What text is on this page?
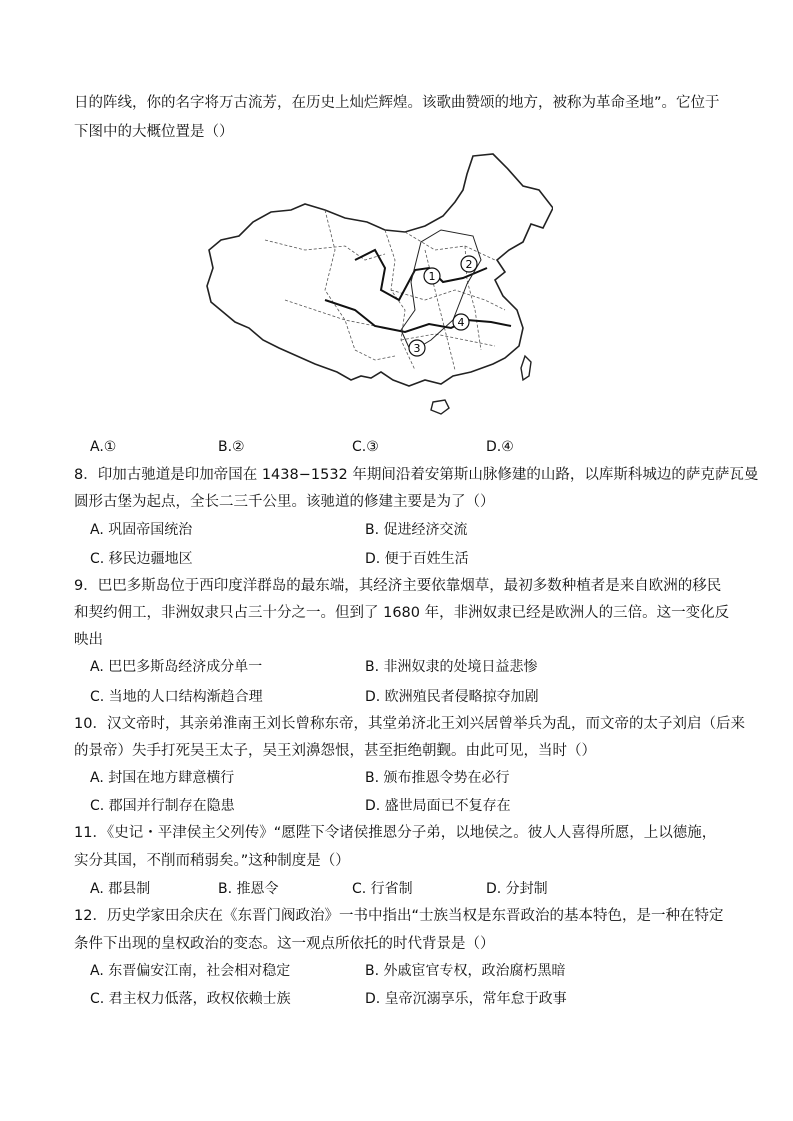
日的阵线，你的名字将万古流芳，在历史上灿烂辉煌。该歌曲赞颂的地方，被称为革命圣地”。它位于
下图中的大概位置是（）
1
2
3
4
A.①	B.②	C.③	D.④
8．印加古驰道是印加帝国在 1438−1532 年期间沿着安第斯山脉修建的山路，以库斯科城边的萨克萨瓦曼
圆形古堡为起点，全长二三千公里。该驰道的修建主要是为了（）
A. 巩固帝国统治	B. 促进经济交流
C. 移民边疆地区	D. 便于百姓生活
9．巴巴多斯岛位于西印度洋群岛的最东端，其经济主要依靠烟草，最初多数种植者是来自欧洲的移民
和契约佣工，非洲奴隶只占三十分之一。但到了 1680 年，非洲奴隶已经是欧洲人的三倍。这一变化反
映出
A. 巴巴多斯岛经济成分单一	B. 非洲奴隶的处境日益悲惨
C. 当地的人口结构渐趋合理	D. 欧洲殖民者侵略掠夺加剧
10．汉文帝时，其亲弟淮南王刘长曾称东帝，其堂弟济北王刘兴居曾举兵为乱，而文帝的太子刘启（后来
的景帝）失手打死吴王太子，吴王刘濞怨恨，甚至拒绝朝觐。由此可见，当时（）
A. 封国在地方肆意横行	B. 颁布推恩令势在必行
C. 郡国并行制存在隐患	D. 盛世局面已不复存在
11．《史记・平津侯主父列传》“愿陛下令诸侯推恩分子弟，以地侯之。彼人人喜得所愿，上以德施，
实分其国，不削而稍弱矣。”这种制度是（）
A. 郡县制	B. 推恩令	C. 行省制	D. 分封制
12．历史学家田余庆在《东晋门阀政治》一书中指出“士族当权是东晋政治的基本特色，是一种在特定
条件下出现的皇权政治的变态。这一观点所依托的时代背景是（）
A. 东晋偏安江南，社会相对稳定	B. 外戚宦官专权，政治腐朽黑暗
C. 君主权力低落，政权依赖士族	D. 皇帝沉溺享乐，常年怠于政事
